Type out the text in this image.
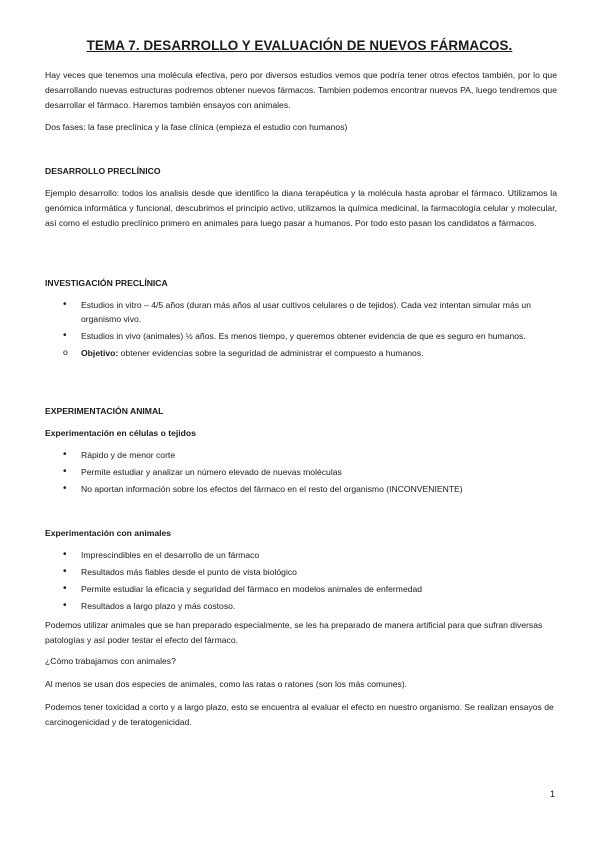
TEMA 7. DESARROLLO Y EVALUACIÓN DE NUEVOS FÁRMACOS.

Hay veces que tenemos una molécula efectiva, pero por diversos estudios vemos que podría tener otros efectos también, por lo que desarrollando nuevas estructuras podremos obtener nuevos fármacos. Tambien podemos encontrar nuevos PA, luego tendremos que desarrollar el fármaco. Haremos también ensayos con animales.

Dos fases: la fase preclínica y la fase clínica (empieza el estudio con humanos)

DESARROLLO PRECLÍNICO

Ejemplo desarrollo: todos los analisis desde que identifico la diana terapéutica y la molécula hasta aprobar el fármaco. Utilizamos la genómica informática y funcional, descubrimos el principio activo, utilizamos la química medicinal, la farmacología celular y molecular, así como el estudio preclínico primero en animales para luego pasar a humanos. Por todo esto pasan los candidatos a fármacos.

INVESTIGACIÓN PRECLÍNICA
• Estudios in vitro – 4/5 años (duran más años al usar cultivos celulares o de tejidos). Cada vez intentan simular más un organismo vivo.
• Estudios in vivo (animales) ½ años. Es menos tiempo, y queremos obtener evidencia de que es seguro en humanos.
o Objetivo: obtener evidencias sobre la seguridad de administrar el compuesto a humanos.
EXPERIMENTACIÓN ANIMAL
Experimentación en células o tejidos
• Rápido y de menor corte
• Permite estudiar y analizar un número elevado de nuevas moléculas
• No aportan información sobre los efectos del fármaco en el resto del organismo (INCONVENIENTE)
Experimentación con animales
• Imprescindibles en el desarrollo de un fármaco
• Resultados más fiables desde el punto de vista biológico
• Permite estudiar la eficacia y seguridad del fármaco en modelos animales de enfermedad
• Resultados a largo plazo y más costoso.

Podemos utilizar animales que se han preparado especialmente, se les ha preparado de manera artificial para que sufran diversas patologías y así poder testar el efecto del fármaco.

¿Cómo trabajamos con animales?

Al menos se usan dos especies de animales, como las ratas o ratones (son los más comunes).

Podemos tener toxicidad a corto y a largo plazo, esto se encuentra al evaluar el efecto en nuestro organismo. Se realizan ensayos de carcinogenicidad y de teratogenicidad.

1
